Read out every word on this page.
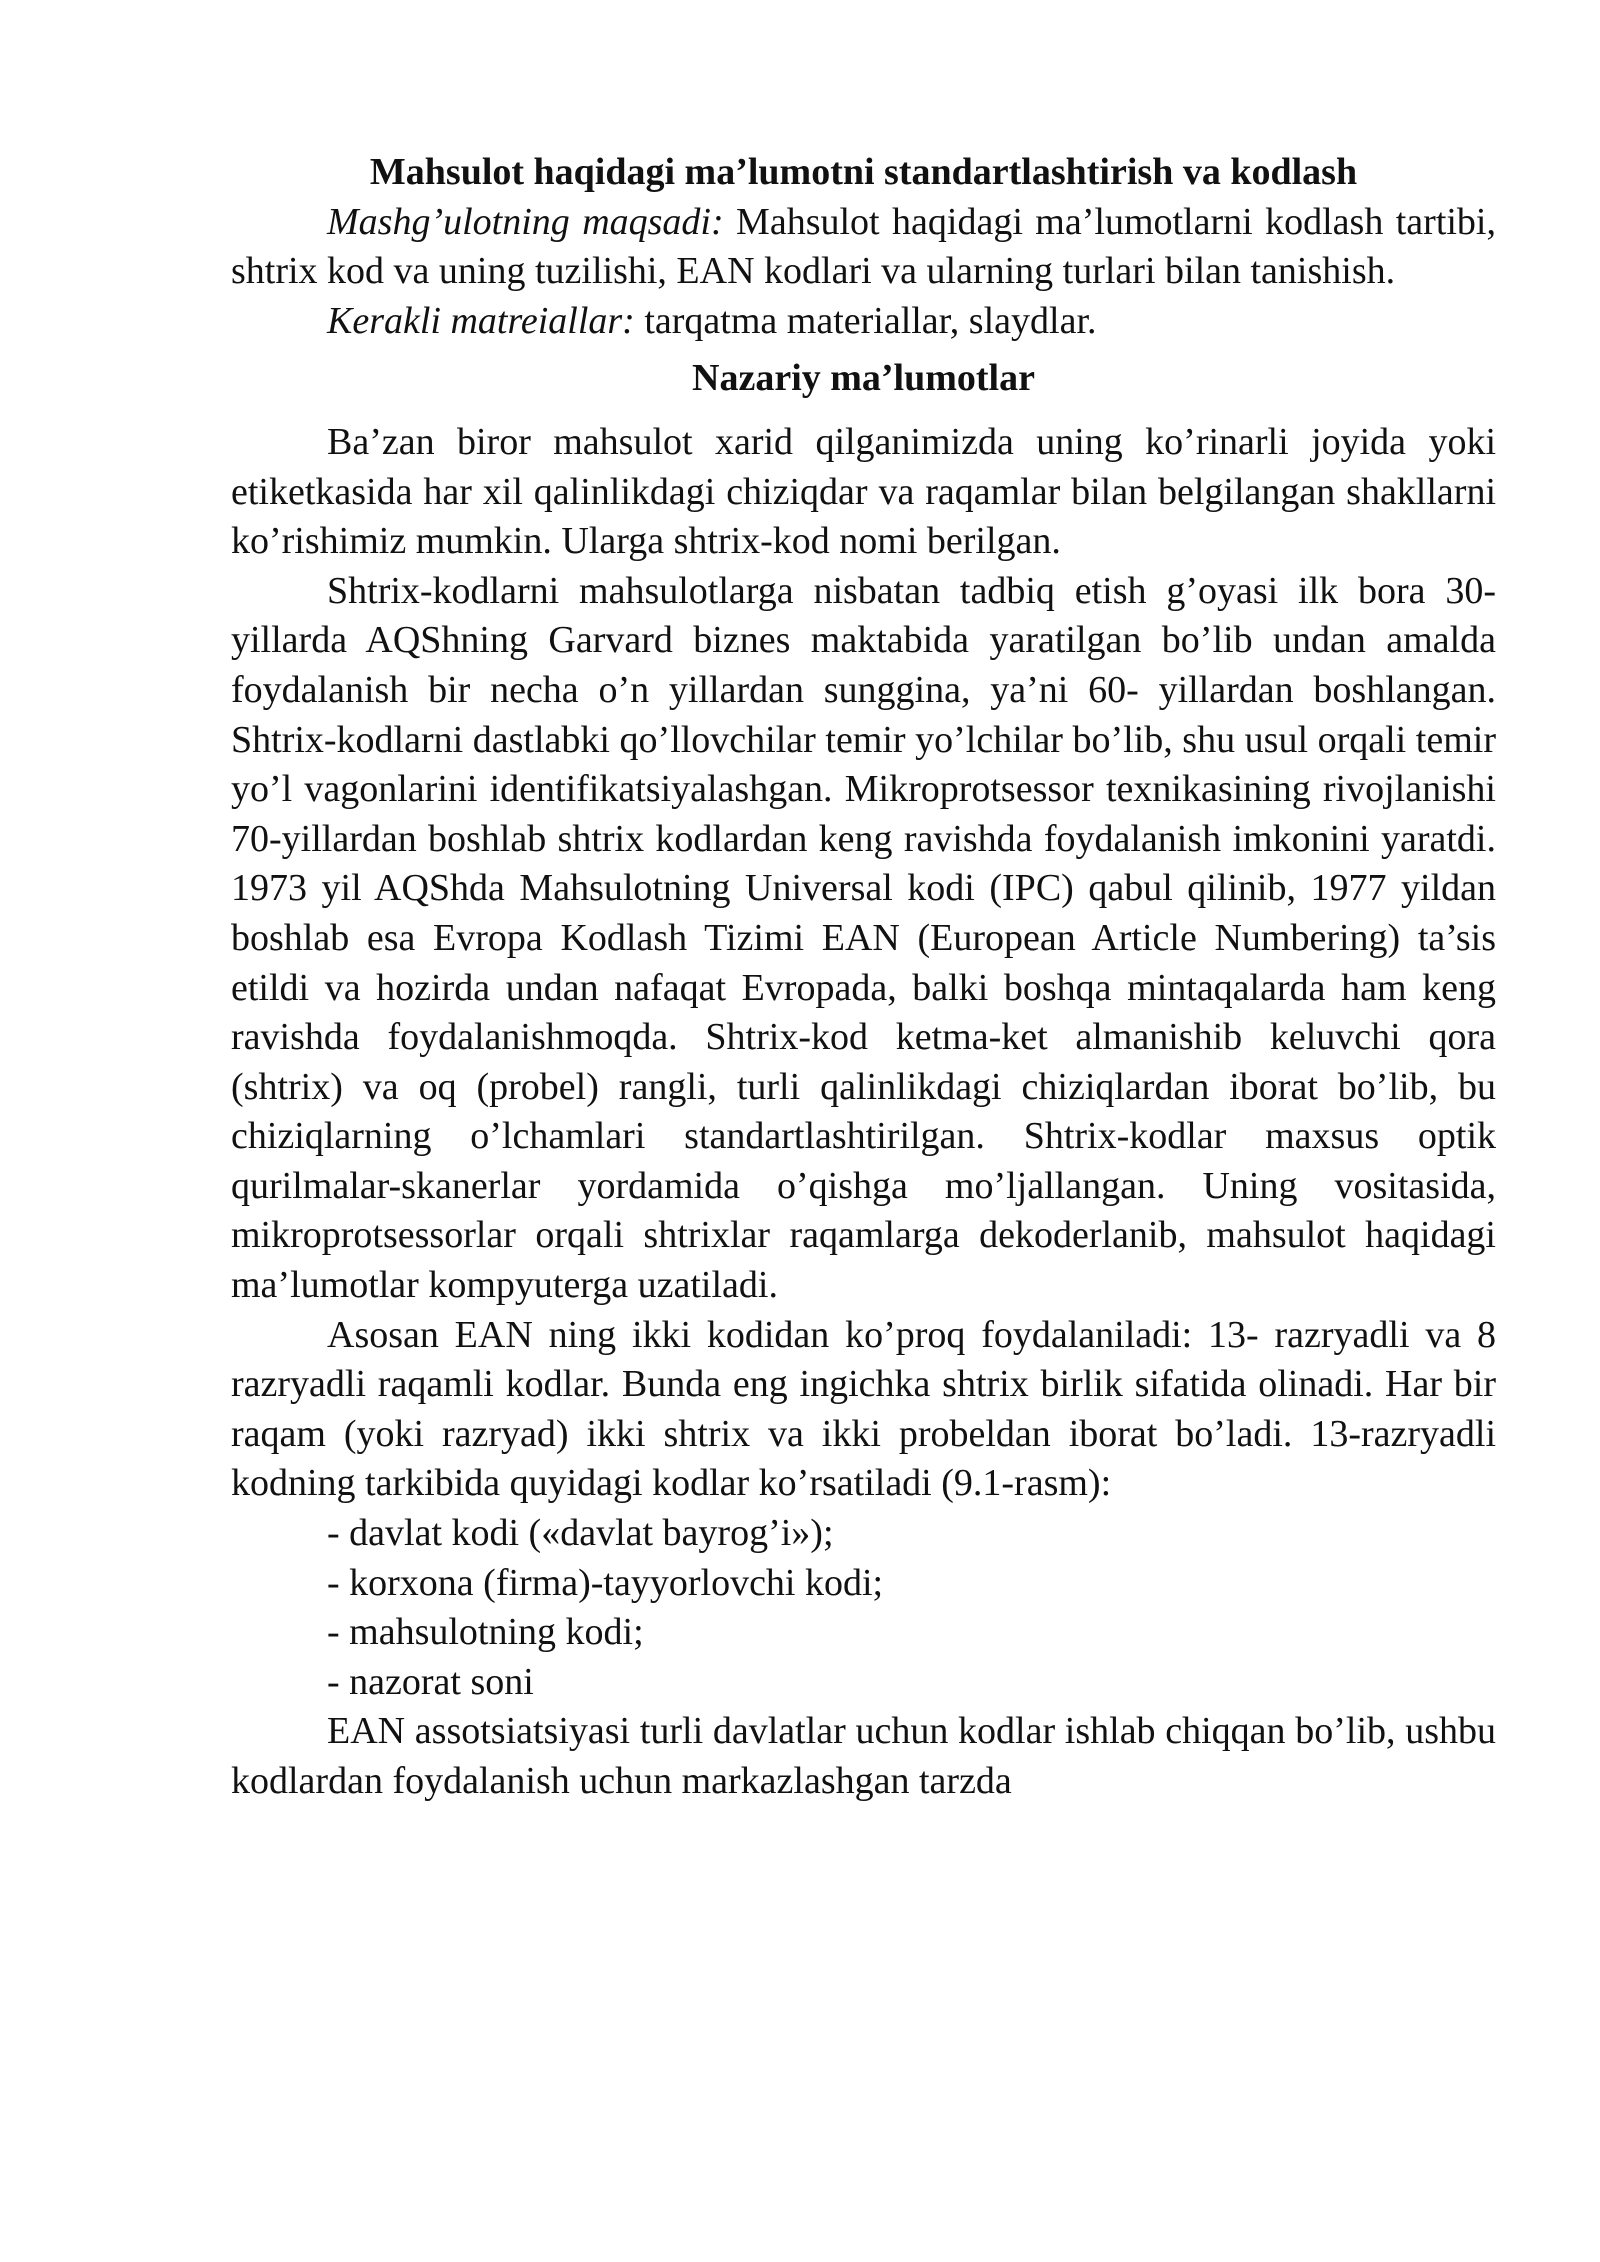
Mahsulot haqidagi ma’lumotni standartlashtirish va kodlash

Mashg’ulotning maqsadi: Mahsulot haqidagi ma’lumotlarni kodlash tartibi, shtrix kod va uning tuzilishi, EAN kodlari va ularning turlari bilan tanishish.

Kerakli matreiallar: tarqatma materiallar, slaydlar.

Nazariy ma’lumotlar

Ba’zan biror mahsulot xarid qilganimizda uning ko’rinarli joyida yoki etiketkasida har xil qalinlikdagi chiziqdar va raqamlar bilan belgilangan shakllarni ko’rishimiz mumkin. Ularga shtrix-kod nomi berilgan.

Shtrix-kodlarni mahsulotlarga nisbatan tadbiq etish g’oyasi ilk bora 30-yillarda AQShning Garvard biznes maktabida yaratilgan bo’lib undan amalda foydalanish bir necha o’n yillardan sunggina, ya’ni 60- yillardan boshlangan. Shtrix-kodlarni dastlabki qo’llovchilar temir yo’lchilar bo’lib, shu usul orqali temir yo’l vagonlarini identifikatsiyalashgan. Mikroprotsessor texnikasining rivojlanishi 70-yillardan boshlab shtrix kodlardan keng ravishda foydalanish imkonini yaratdi. 1973 yil AQShda Mahsulotning Universal kodi (IPC) qabul qilinib, 1977 yildan boshlab esa Evropa Kodlash Tizimi EAN (European Article Numbering) ta’sis etildi va hozirda undan nafaqat Evropada, balki boshqa mintaqalarda ham keng ravishda foydalanishmoqda. Shtrix-kod ketma-ket almanishib keluvchi qora (shtrix) va oq (probel) rangli, turli qalinlikdagi chiziqlardan iborat bo’lib, bu chiziqlarning o’lchamlari standartlashtirilgan. Shtrix-kodlar maxsus optik qurilmalar-skanerlar yordamida o’qishga mo’ljallangan. Uning vositasida, mikroprotsessorlar orqali shtrixlar raqamlarga dekoderlanib, mahsulot haqidagi ma’lumotlar kompyuterga uzatiladi.

Asosan EAN ning ikki kodidan ko’proq foydalaniladi: 13- razryadli va 8 razryadli raqamli kodlar. Bunda eng ingichka shtrix birlik sifatida olinadi. Har bir raqam (yoki razryad) ikki shtrix va ikki probeldan iborat bo’ladi. 13-razryadli kodning tarkibida quyidagi kodlar ko’rsatiladi (9.1-rasm):

- davlat kodi («davlat bayrog’i»);

- korxona (firma)-tayyorlovchi kodi;

- mahsulotning kodi;

- nazorat soni

EAN assotsiatsiyasi turli davlatlar uchun kodlar ishlab chiqqan bo’lib, ushbu kodlardan foydalanish uchun markazlashgan tarzda
